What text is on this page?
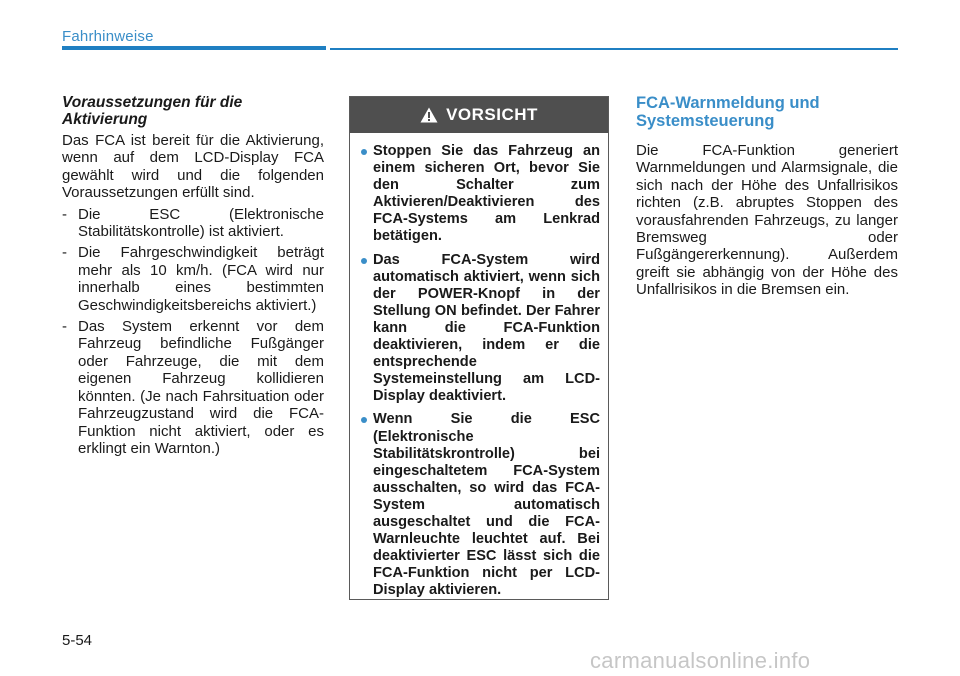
Fahrhinweise

Voraussetzungen für die Aktivierung

Das FCA ist bereit für die Aktivierung, wenn auf dem LCD-Display FCA gewählt wird und die folgenden Voraussetzungen erfüllt sind.

- Die ESC (Elektronische Stabilitätskontrolle) ist aktiviert.
- Die Fahrgeschwindigkeit beträgt mehr als 10 km/h. (FCA wird nur innerhalb eines bestimmten Geschwindigkeitsbereichs aktiviert.)
- Das System erkennt vor dem Fahrzeug befindliche Fußgänger oder Fahrzeuge, die mit dem eigenen Fahrzeug kollidieren könnten. (Je nach Fahrsituation oder Fahrzeugzustand wird die FCA-Funktion nicht aktiviert, oder es erklingt ein Warnton.)
VORSICHT
Stoppen Sie das Fahrzeug an einem sicheren Ort, bevor Sie den Schalter zum Aktivieren/Deaktivieren des FCA-Systems am Lenkrad betätigen.
Das FCA-System wird automatisch aktiviert, wenn sich der POWER-Knopf in der Stellung ON befindet. Der Fahrer kann die FCA-Funktion deaktivieren, indem er die entsprechende Systemeinstellung am LCD-Display deaktiviert.
Wenn Sie die ESC (Elektronische Stabilitätskrontrolle) bei eingeschaltetem FCA-System ausschalten, so wird das FCA-System automatisch ausgeschaltet und die FCA-Warnleuchte leuchtet auf. Bei deaktivierter ESC lässt sich die FCA-Funktion nicht per LCD-Display aktivieren.

FCA-Warnmeldung und Systemsteuerung

Die FCA-Funktion generiert Warnmeldungen und Alarmsignale, die sich nach der Höhe des Unfallrisikos richten (z.B. abruptes Stoppen des vorausfahrenden Fahrzeugs, zu langer Bremsweg oder Fußgängererkennung). Außerdem greift sie abhängig von der Höhe des Unfallrisikos in die Bremsen ein.

5-54
carmanualsonline.info
